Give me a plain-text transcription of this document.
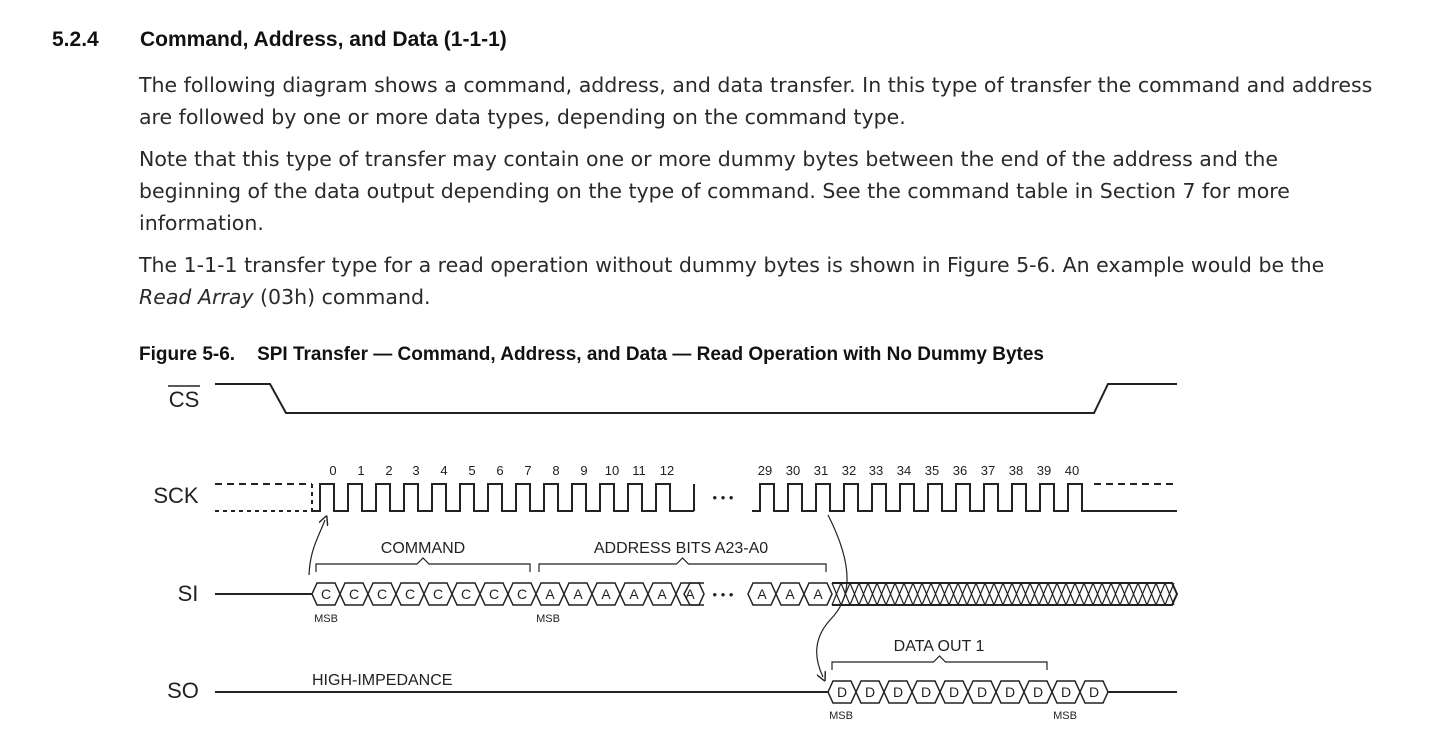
5.2.4 Command, Address, and Data (1-1-1)

The following diagram shows a command, address, and data transfer. In this type of transfer the command and address are followed by one or more data types, depending on the command type.

Note that this type of transfer may contain one or more dummy bytes between the end of the address and the beginning of the data output depending on the type of command. See the command table in Section 7 for more information.

The 1-1-1 transfer type for a read operation without dummy bytes is shown in Figure 5-6. An example would be the Read Array (03h) command.

Figure 5-6. SPI Transfer — Command, Address, and Data — Read Operation with No Dummy Bytes
CS
SCK
0 1 2 3 4 5 6 7 8 9 10 11 12	29 30 31 32 33 34 35 36 37 38 39 40
• • •
COMMAND	ADDRESS BITS A23-A0
DATA OUT 1
SI	C C C C C C C C A A A A A A	A A A
• • •
MSB	MSB
SO	HIGH-IMPEDANCE
D D D D D D D D D D
MSB	MSB
